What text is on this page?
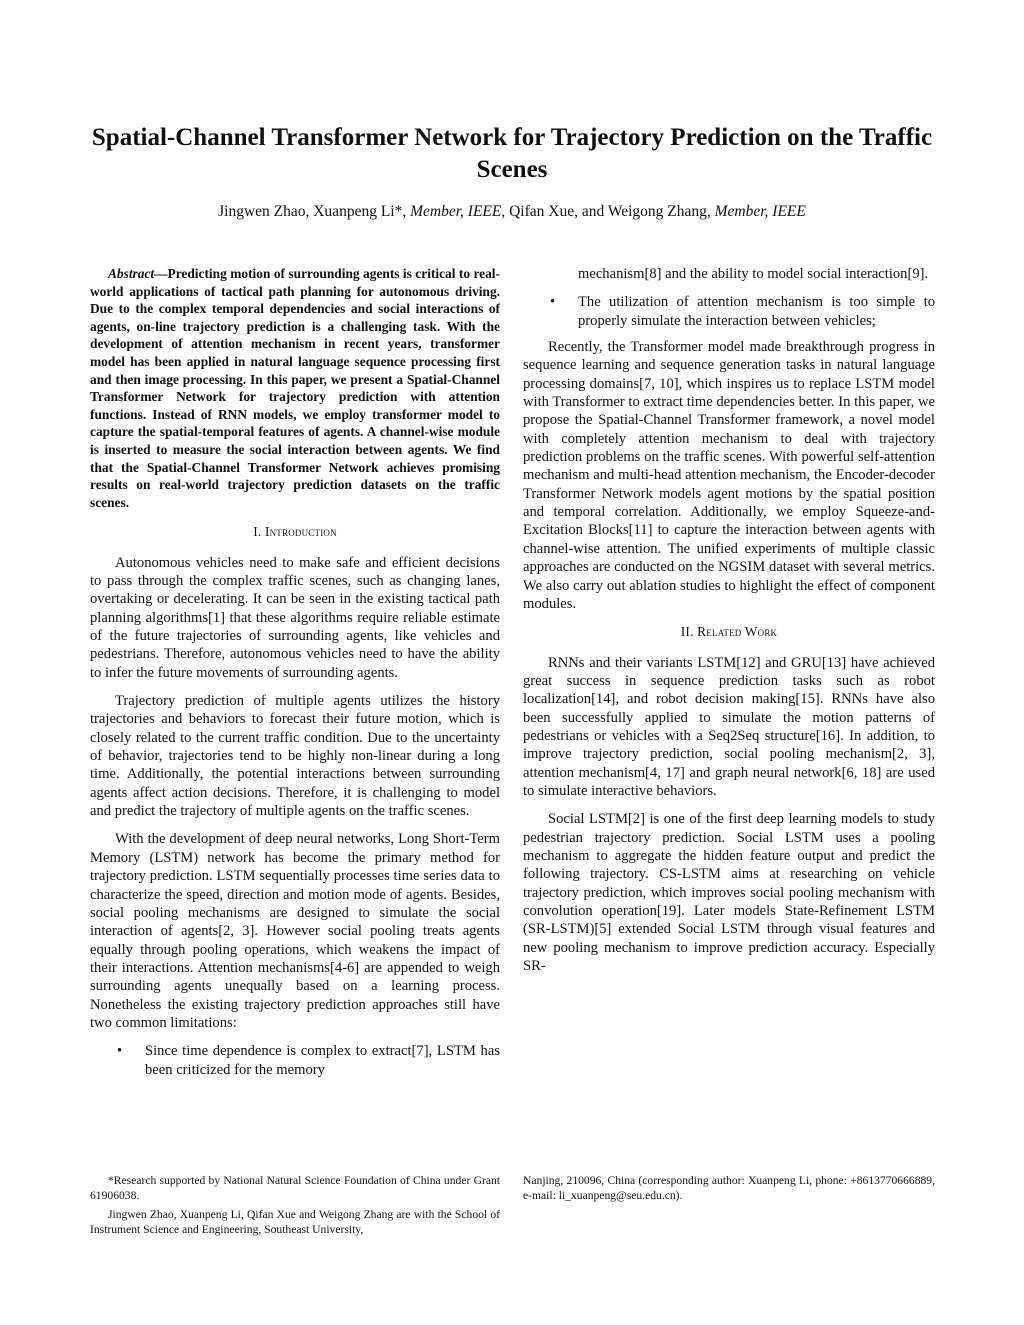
Spatial-Channel Transformer Network for Trajectory Prediction on the Traffic Scenes

Jingwen Zhao, Xuanpeng Li*, Member, IEEE, Qifan Xue, and Weigong Zhang, Member, IEEE

Abstract—Predicting motion of surrounding agents is critical to real-world applications of tactical path planning for autonomous driving. Due to the complex temporal dependencies and social interactions of agents, on-line trajectory prediction is a challenging task. With the development of attention mechanism in recent years, transformer model has been applied in natural language sequence processing first and then image processing. In this paper, we present a Spatial-Channel Transformer Network for trajectory prediction with attention functions. Instead of RNN models, we employ transformer model to capture the spatial-temporal features of agents. A channel-wise module is inserted to measure the social interaction between agents. We find that the Spatial-Channel Transformer Network achieves promising results on real-world trajectory prediction datasets on the traffic scenes.

I. Introduction

Autonomous vehicles need to make safe and efficient decisions to pass through the complex traffic scenes, such as changing lanes, overtaking or decelerating. It can be seen in the existing tactical path planning algorithms[1] that these algorithms require reliable estimate of the future trajectories of surrounding agents, like vehicles and pedestrians. Therefore, autonomous vehicles need to have the ability to infer the future movements of surrounding agents.

Trajectory prediction of multiple agents utilizes the history trajectories and behaviors to forecast their future motion, which is closely related to the current traffic condition. Due to the uncertainty of behavior, trajectories tend to be highly non-linear during a long time. Additionally, the potential interactions between surrounding agents affect action decisions. Therefore, it is challenging to model and predict the trajectory of multiple agents on the traffic scenes.

With the development of deep neural networks, Long Short-Term Memory (LSTM) network has become the primary method for trajectory prediction. LSTM sequentially processes time series data to characterize the speed, direction and motion mode of agents. Besides, social pooling mechanisms are designed to simulate the social interaction of agents[2, 3]. However social pooling treats agents equally through pooling operations, which weakens the impact of their interactions. Attention mechanisms[4-6] are appended to weigh surrounding agents unequally based on a learning process. Nonetheless the existing trajectory prediction approaches still have two common limitations:

• Since time dependence is complex to extract[7], LSTM has been criticized for the memory

mechanism[8] and the ability to model social interaction[9].

• The utilization of attention mechanism is too simple to properly simulate the interaction between vehicles;

Recently, the Transformer model made breakthrough progress in sequence learning and sequence generation tasks in natural language processing domains[7, 10], which inspires us to replace LSTM model with Transformer to extract time dependencies better. In this paper, we propose the Spatial-Channel Transformer framework, a novel model with completely attention mechanism to deal with trajectory prediction problems on the traffic scenes. With powerful self-attention mechanism and multi-head attention mechanism, the Encoder-decoder Transformer Network models agent motions by the spatial position and temporal correlation. Additionally, we employ Squeeze-and-Excitation Blocks[11] to capture the interaction between agents with channel-wise attention. The unified experiments of multiple classic approaches are conducted on the NGSIM dataset with several metrics. We also carry out ablation studies to highlight the effect of component modules.

II. Related Work

RNNs and their variants LSTM[12] and GRU[13] have achieved great success in sequence prediction tasks such as robot localization[14], and robot decision making[15]. RNNs have also been successfully applied to simulate the motion patterns of pedestrians or vehicles with a Seq2Seq structure[16]. In addition, to improve trajectory prediction, social pooling mechanism[2, 3], attention mechanism[4, 17] and graph neural network[6, 18] are used to simulate interactive behaviors.

Social LSTM[2] is one of the first deep learning models to study pedestrian trajectory prediction. Social LSTM uses a pooling mechanism to aggregate the hidden feature output and predict the following trajectory. CS-LSTM aims at researching on vehicle trajectory prediction, which improves social pooling mechanism with convolution operation[19]. Later models State-Refinement LSTM (SR-LSTM)[5] extended Social LSTM through visual features and new pooling mechanism to improve prediction accuracy. Especially SR-

*Research supported by National Natural Science Foundation of China under Grant 61906038.

Jingwen Zhao, Xuanpeng Li, Qifan Xue and Weigong Zhang are with the School of Instrument Science and Engineering, Southeast University,

Nanjing, 210096, China (corresponding author: Xuanpeng Li, phone: +8613770666889, e-mail: li_xuanpeng@seu.edu.cn).
